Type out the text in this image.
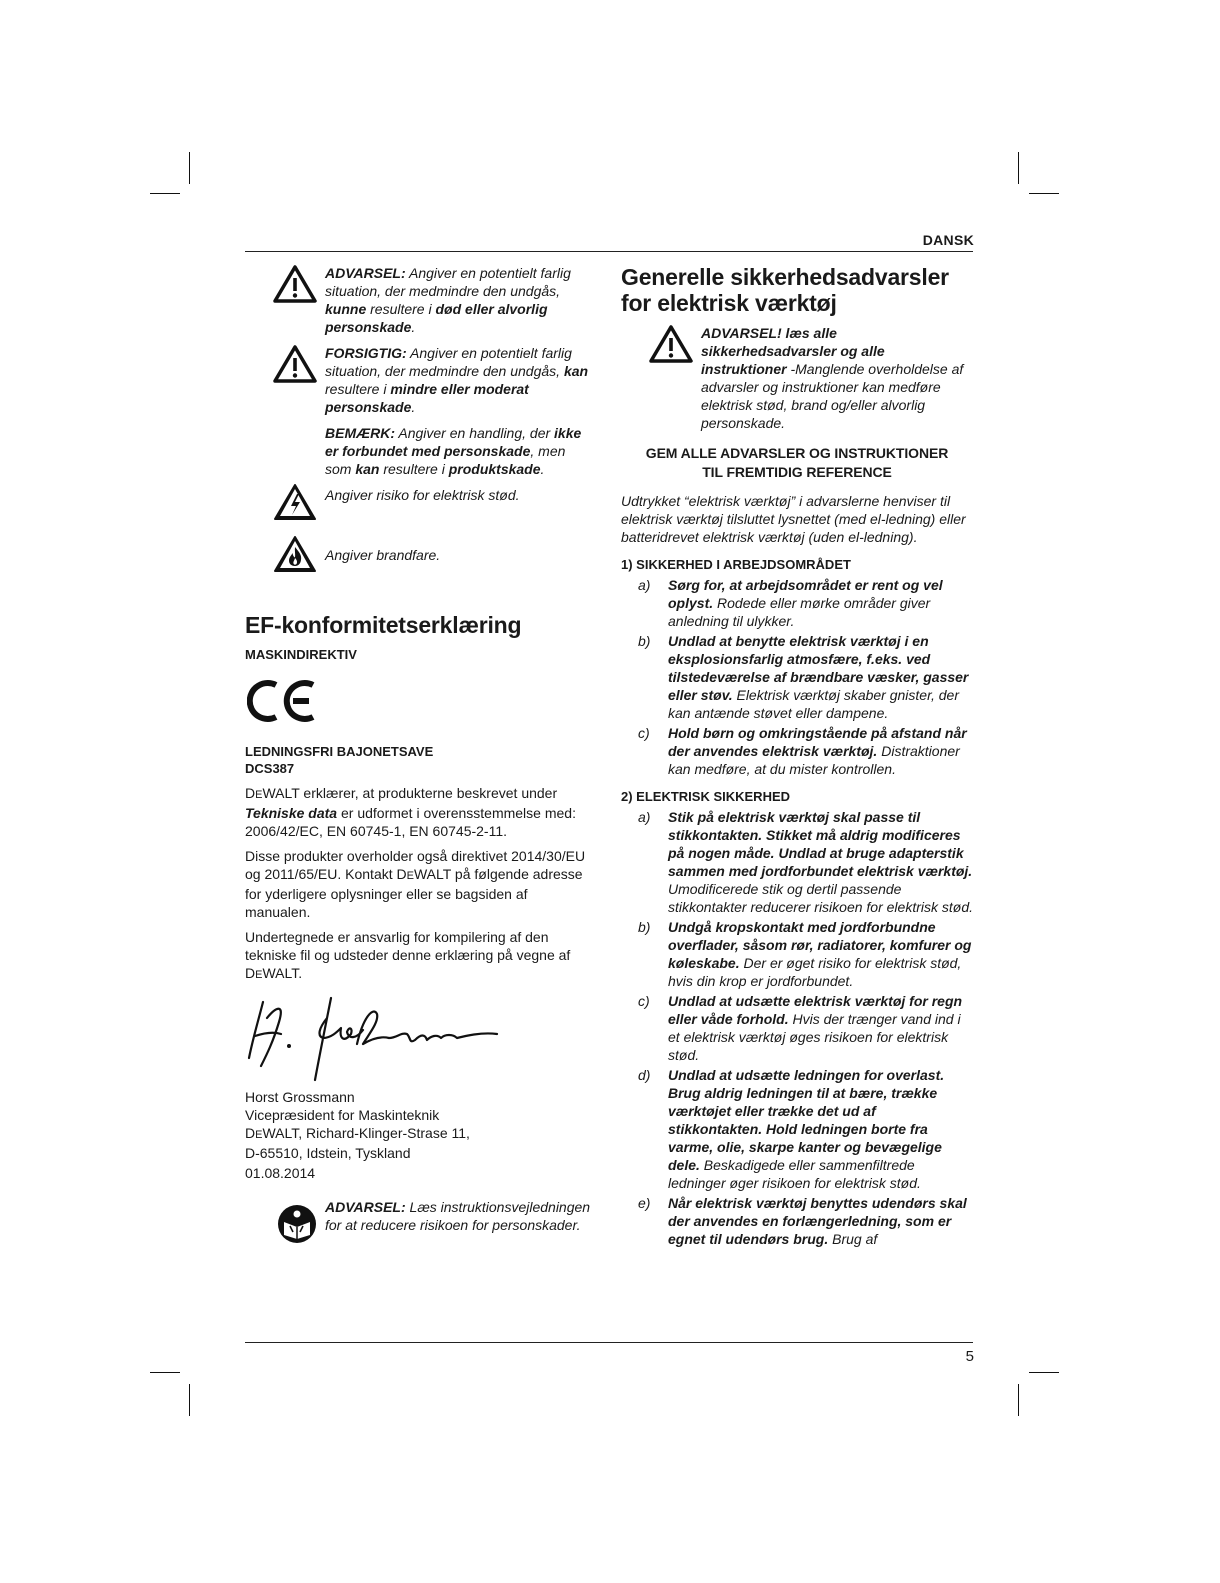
DANSK

ADVARSEL: Angiver en potentielt farlig situation, der medmindre den undgås, kunne resultere i død eller alvorlig personskade.

FORSIGTIG: Angiver en potentielt farlig situation, der medmindre den undgås, kan resultere i mindre eller moderat personskade.

BEMÆRK: Angiver en handling, der ikke er forbundet med personskade, men som kan resultere i produktskade.

Angiver risiko for elektrisk stød.

Angiver brandfare.

EF-konformitetserklæring
MASKINDIREKTIV
LEDNINGSFRI BAJONETSAVE
DCS387

DEWALT erklærer, at produkterne beskrevet under Tekniske data er udformet i overensstemmelse med:
2006/42/EC, EN 60745-1, EN 60745-2-11.

Disse produkter overholder også direktivet 2014/30/EU og 2011/65/EU. Kontakt DEWALT på følgende adresse for yderligere oplysninger eller se bagsiden af manualen.

Undertegnede er ansvarlig for kompilering af den tekniske fil og udsteder denne erklæring på vegne af DEWALT.

Horst Grossmann
Vicepræsident for Maskinteknik
DEWALT, Richard-Klinger-Strase 11,
D-65510, Idstein, Tyskland
01.08.2014

ADVARSEL: Læs instruktionsvejledningen for at reducere risikoen for personskader.

Generelle sikkerhedsadvarsler for elektrisk værktøj

ADVARSEL! læs alle sikkerhedsadvarsler og alle instruktioner -Manglende overholdelse af advarsler og instruktioner kan medføre elektrisk stød, brand og/eller alvorlig personskade.

GEM ALLE ADVARSLER OG INSTRUKTIONER
TIL FREMTIDIG REFERENCE

Udtrykket “elektrisk værktøj” i advarslerne henviser til elektrisk værktøj tilsluttet lysnettet (med el-ledning) eller batteridrevet elektrisk værktøj (uden el-ledning).

1) SIKKERHED I ARBEJDSOMRÅDET
a) Sørg for, at arbejdsområdet er rent og vel oplyst. Rodede eller mørke områder giver anledning til ulykker.
b) Undlad at benytte elektrisk værktøj i en eksplosionsfarlig atmosfære, f.eks. ved tilstedeværelse af brændbare væsker, gasser eller støv. Elektrisk værktøj skaber gnister, der kan antænde støvet eller dampene.
c) Hold børn og omkringstående på afstand når der anvendes elektrisk værktøj. Distraktioner kan medføre, at du mister kontrollen.
2) ELEKTRISK SIKKERHED
a) Stik på elektrisk værktøj skal passe til stikkontakten. Stikket må aldrig modificeres på nogen måde. Undlad at bruge adapterstik sammen med jordforbundet elektrisk værktøj. Umodificerede stik og dertil passende stikkontakter reducerer risikoen for elektrisk stød.
b) Undgå kropskontakt med jordforbundne overflader, såsom rør, radiatorer, komfurer og køleskabe. Der er øget risiko for elektrisk stød, hvis din krop er jordforbundet.
c) Undlad at udsætte elektrisk værktøj for regn eller våde forhold. Hvis der trænger vand ind i et elektrisk værktøj øges risikoen for elektrisk stød.
d) Undlad at udsætte ledningen for overlast. Brug aldrig ledningen til at bære, trække værktøjet eller trække det ud af stikkontakten. Hold ledningen borte fra varme, olie, skarpe kanter og bevægelige dele. Beskadigede eller sammenfiltrede ledninger øger risikoen for elektrisk stød.
e) Når elektrisk værktøj benyttes udendørs skal der anvendes en forlængerledning, som er egnet til udendørs brug. Brug af
5
